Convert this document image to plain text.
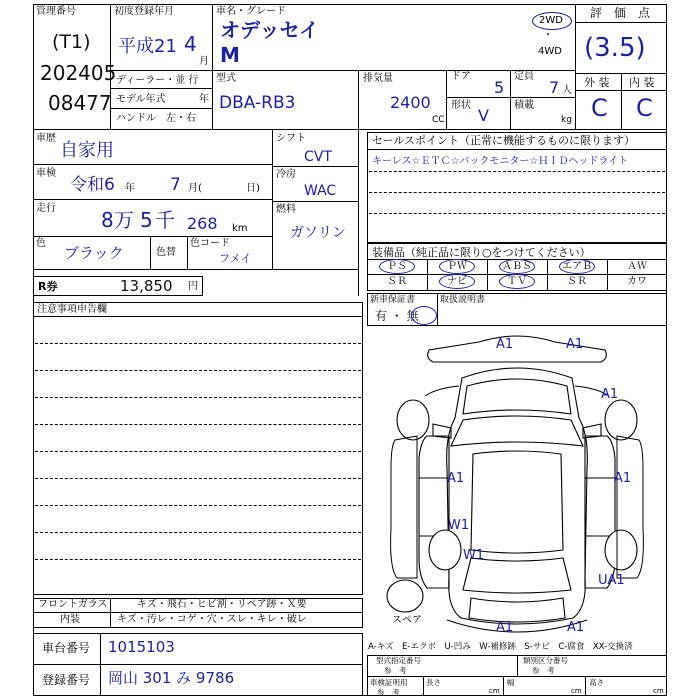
管理番号
(T1)
202405
08477
初度登録年月
平成21 4
月
車名・グレード
オデッセイ
M
2WD
・
4WD
評　価　点
(3.5)
ディーラー・並 行
モデル年式	年
ハンドル　左・右
型式
DBA-RB3
排気量
2400
CC
ドア
5
定員
7 人
形状
V
積載
kg
外 装 内 装
C C
車歴
自家用
車検
令和6 年 7 月(	日)
走行 8 万 5 千 268 km
色
ブラック	色替
色コード
フメイ
シフト
CVT
冷房
WAC
燃料
ガソリン
セールスポイント（正常に機能するものに限ります）
キーレス☆ＥＴＣ☆バックモニター☆ＨＩＤヘッドライト
装備品（純正品に限り○をつけてください）
ＰＳ	ＰＷ	ＡＢＳ	エアＢ	ＡＷ
ＳＲ	ナビ	ＴＶ	ＳＲ	カワ
新車保証書	取扱説明書
有 ・ 無
R券	13,850 円
注意事項申告欄
フロントガラス	キズ・飛石・ヒビ割・リペア跡・Ｘ要
内装	キズ・汚レ・コゲ・穴・スレ・キレ・破レ
車台番号 1015103
登録番号 岡山 301 み 9786
A-キズ　E-エクボ　U-凹み　W-補修跡　S-サビ　C-腐食　XX-交換済
型式指定番号
参　考
類別区分番号
参　考
車検証明用
参　考
長さ
cm
幅
cm
高さ
cm
A1	A1
A1
A1	A1
W1
W1
UA1
A1	A1
スペア
